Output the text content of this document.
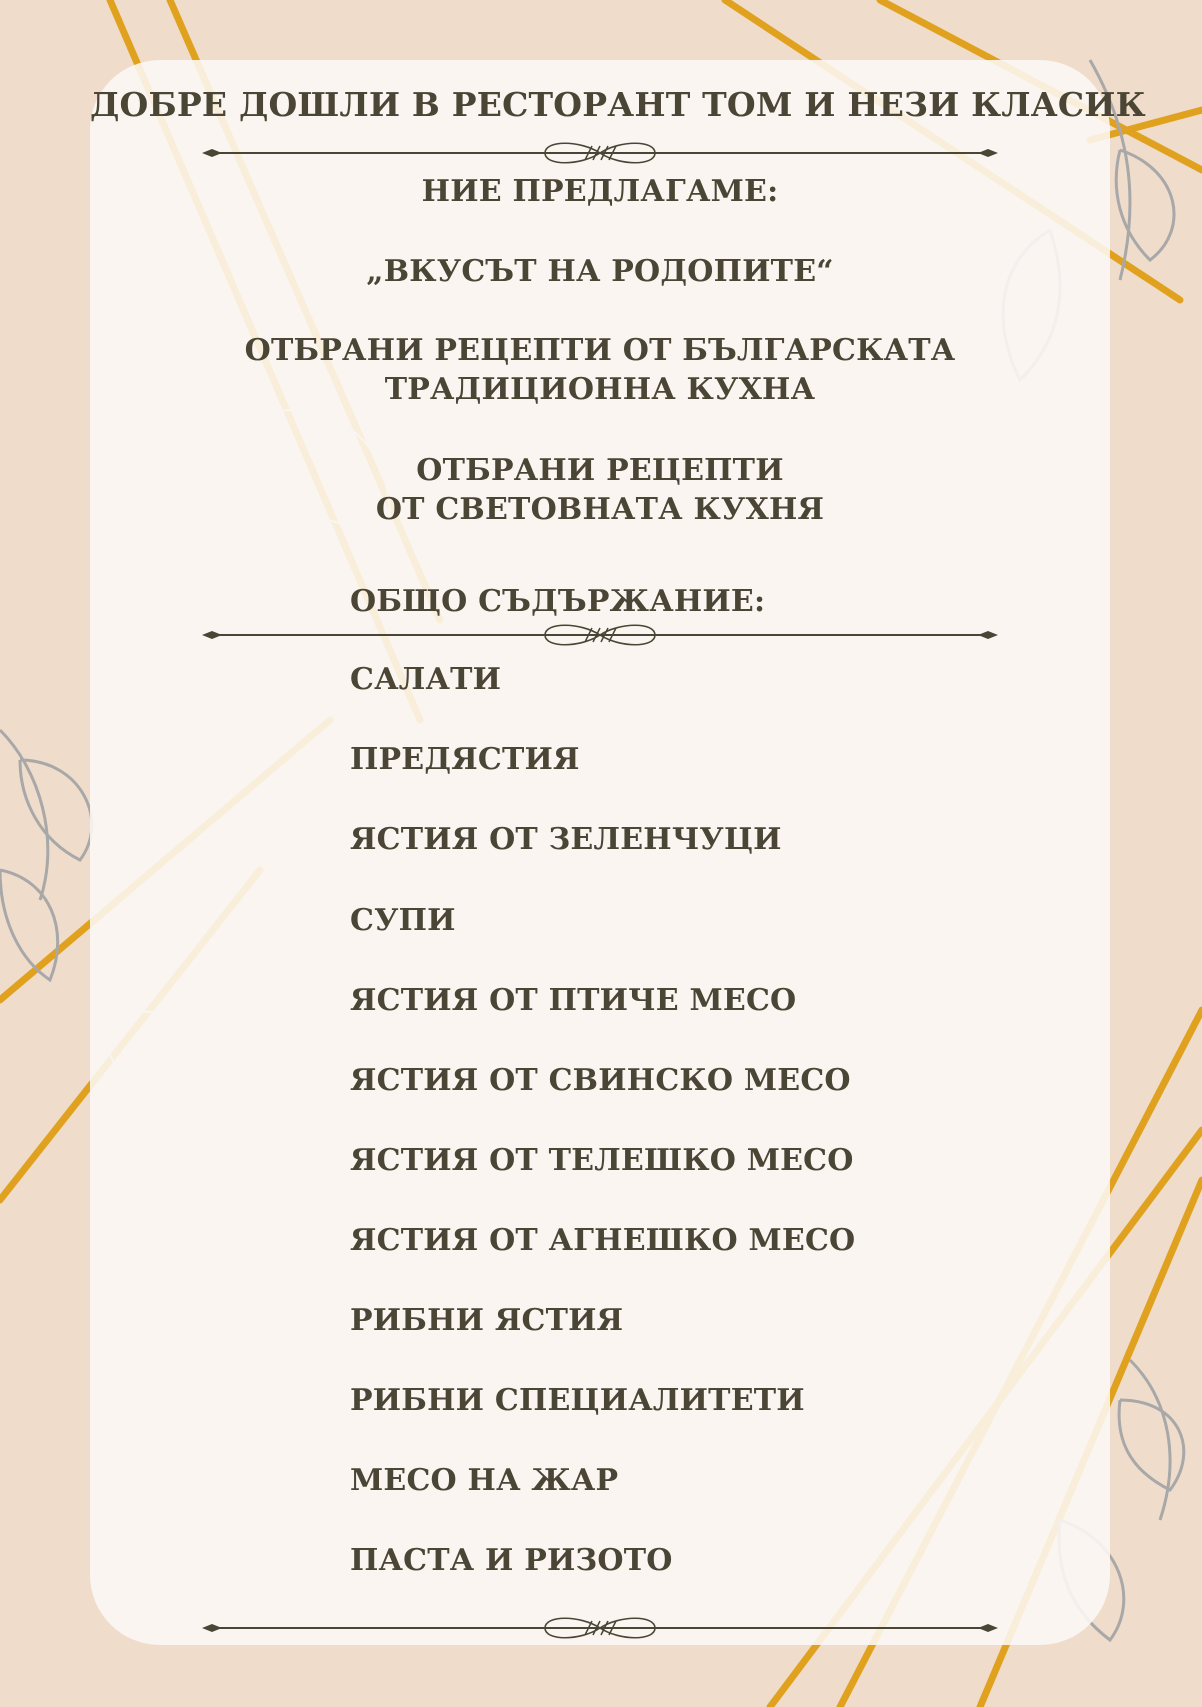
ДОБРЕ ДОШЛИ В РЕСТОРАНТ ТОМ И НЕЗИ КЛАСИК
НИЕ ПРЕДЛАГАМЕ:
„ВКУСЪТ НА РОДОПИТЕ“
ОТБРАНИ РЕЦЕПТИ ОТ БЪЛГАРСКАТА
ТРАДИЦИОННА КУХНА
ОТБРАНИ РЕЦЕПТИ
ОТ СВЕТОВНАТА КУХНЯ
ОБЩО СЪДЪРЖАНИЕ:
САЛАТИ
ПРЕДЯСТИЯ
ЯСТИЯ ОТ ЗЕЛЕНЧУЦИ
СУПИ
ЯСТИЯ ОТ ПТИЧЕ МЕСО
ЯСТИЯ ОТ СВИНСКО МЕСО
ЯСТИЯ ОТ ТЕЛЕШКО МЕСО
ЯСТИЯ ОТ АГНЕШКО МЕСО
РИБНИ ЯСТИЯ
РИБНИ СПЕЦИАЛИТЕТИ
МЕСО НА ЖАР
ПАСТА И РИЗОТО
